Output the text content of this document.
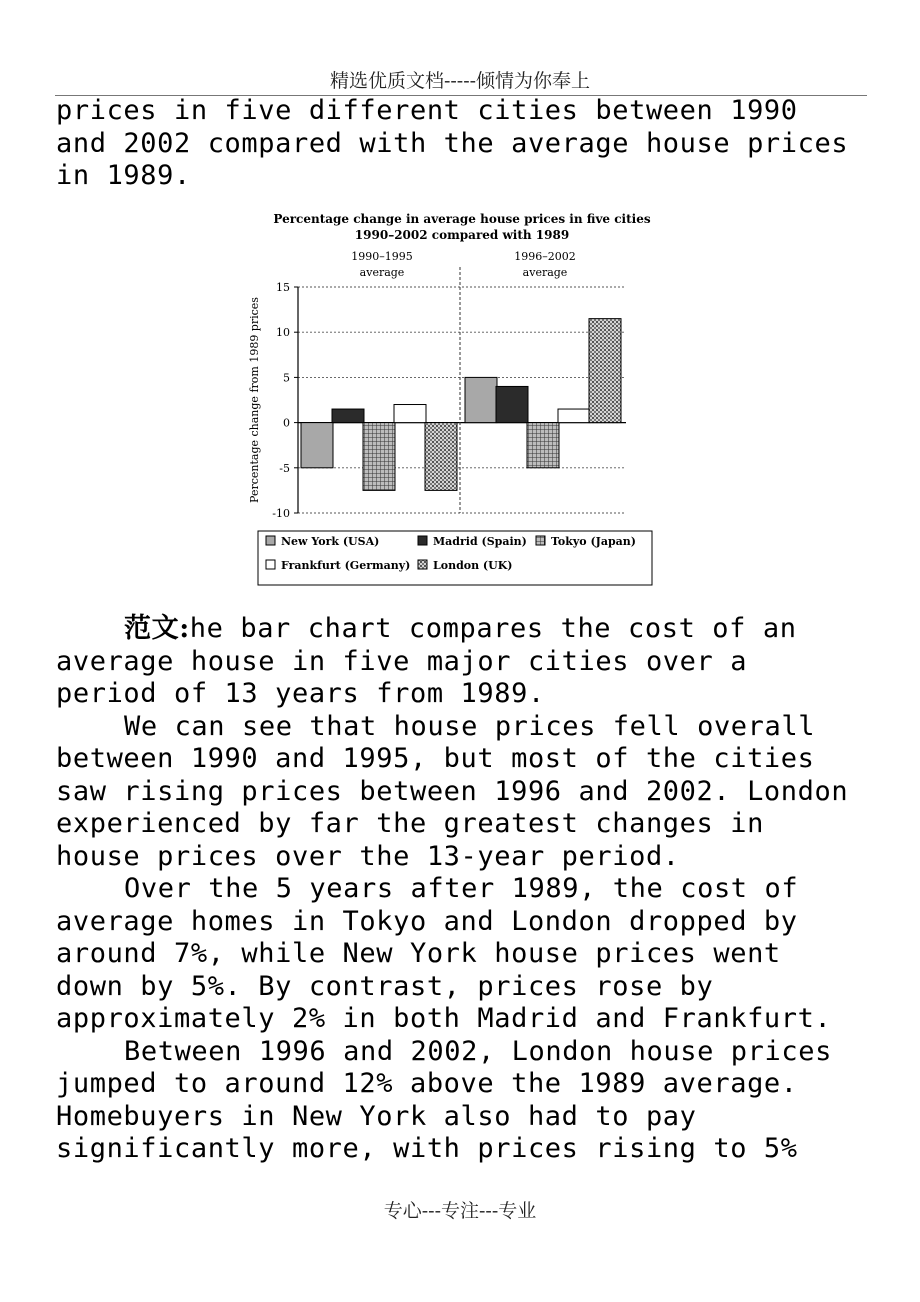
精选优质文档-----倾情为你奉上
prices in five different cities between 1990
and 2002 compared with the average house prices
in 1989.
Percentage change in average house prices in five cities
1990–2002 compared with 1989
1990–1995
average
1996–2002
average
15
10
5
0
-5
-10
Percentage change from 1989 prices
New York (USA)	Madrid (Spain) Tokyo (Japan)
Frankfurt (Germany) London (UK)
范文:he bar chart compares the cost of an
average house in five major cities over a
period of 13 years from 1989.
We can see that house prices fell overall
between 1990 and 1995, but most of the cities
saw rising prices between 1996 and 2002. London
experienced by far the greatest changes in
house prices over the 13-year period.
Over the 5 years after 1989, the cost of
average homes in Tokyo and London dropped by
around 7%, while New York house prices went
down by 5%. By contrast, prices rose by
approximately 2% in both Madrid and Frankfurt.
Between 1996 and 2002, London house prices
jumped to around 12% above the 1989 average.
Homebuyers in New York also had to pay
significantly more, with prices rising to 5%
专心---专注---专业
